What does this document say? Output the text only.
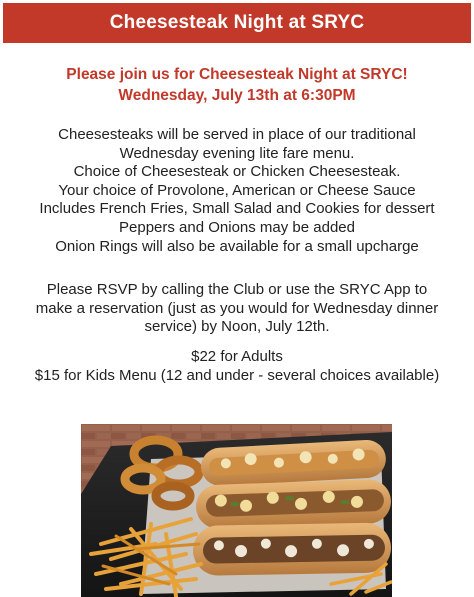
Cheesesteak Night at SRYC
Please join us for Cheesesteak Night at SRYC!
Wednesday, July 13th at 6:30PM
Cheesesteaks will be served in place of our traditional
Wednesday evening lite fare menu.
Choice of Cheesesteak or Chicken Cheesesteak.
Your choice of Provolone, American or Cheese Sauce
Includes French Fries, Small Salad and Cookies for dessert
Peppers and Onions may be added
Onion Rings will also be available for a small upcharge
Please RSVP by calling the Club or use the SRYC App to
make a reservation (just as you would for Wednesday dinner
service) by Noon, July 12th.
$22 for Adults
$15 for Kids Menu (12 and under - several choices available)
